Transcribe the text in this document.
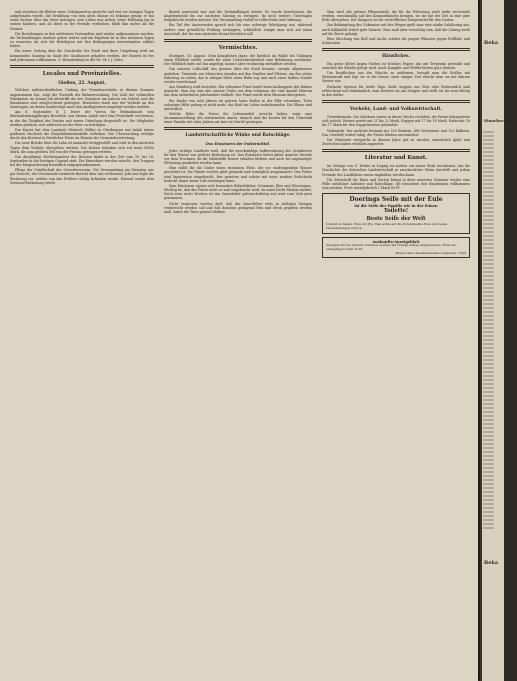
und zwischen die Blätter einer Gebirgsmotive gesteckt und erst vor wenigen Tagen aufgefunden wurde. Die Erzählung von dem alten Manne ist bekannt genug: er hat seine Sachen über das Meer getragen, sein Leben war Arbeit, seine Hoffnung lag in seinen Kindern, und als diese in der Fremde verdarben, blieb ihm nichts als die Heimat.

Die Beziehungen zu den entfernten Verwandten sind wieder aufgenommen worden; die Verhandlungen darüber gehen weiter und ein Ergebnis ist in den nächsten Tagen zu erwarten, da sich die Beteiligten mit den Bedingungen einverstanden erklärt haben.

Ein neuer Vortrag über die Geschichte der Stadt und ihrer Umgebung wird am kommenden Sonntag im Saale des Gasthauses gehalten werden; der Eintritt ist frei und jedermann willkommen. G. Brandenburg in der Nr. 34 v. J. Seite.

Locales und Provinzielles.
Gießen, 22. August.

Welchen außerordentlichen Umfang der Fremdenverkehr in diesem Sommer angenommen hat, zeigt die Statistik der Bahnverwaltung. Die Zahl der verkauften Fahrkarten im Monat Juli übertrifft die des Vorjahres um nahezu ein Drittel, und die Einnahmen sind entsprechend gestiegen. Besonders stark war der Verkehr an den Sonntagen, an denen Sonderzüge nach den Ausflugsorten eingelegt werden mußten.

Am 8. September d. J. feiert der Verein für Heimatkunde sein fünfundzwanzigjähriges Bestehen. Aus diesem Anlaß wird eine Festschrift erscheinen, in der die Tätigkeit des Vereins seit seiner Gründung dargestellt ist. Die Mitglieder werden gebeten, sich zahlreich an der Feier zu beteiligen.

Der Kaiser hat dem Landwirt Heinrich Müller zu Oberhausen aus Anlaß seiner goldenen Hochzeit die Ehejubiläumsmedaille verliehen. Die Überreichung erfolgte durch den Kreisrat in feierlicher Weise im Beisein der Gemeindevertretung.

Die neue Brücke über die Lahn ist nunmehr fertiggestellt und wird in den nächsten Tagen dem Verkehr übergeben werden. Die Kosten belaufen sich auf rund 85000 Mark, die zum größten Teil von der Provinz getragen werden.

Das diesjährige Herbstmanöver der Division findet in der Zeit vom 10. bis 18. September in der hiesigen Gegend statt. Die Einwohner werden ersucht, den Truppen bei der Einquartierung freundlich entgegenzukommen.

Pflege der Gesellschaft des Gewerbevereins. Die Versammlung am Dienstag war gut besucht; der Vorsitzende erstattete Bericht über das verflossene Jahr und legte die Rechnung vor, welche von den Prüfern richtig befunden wurde. Hierauf wurde dem Vorstand Entlastung erteilt.

Bezirk anwesend war und die Verhandlungen leitete. Es wurde beschlossen, die Angelegenheit bis zur nächsten Sitzung zu vertagen, da noch weitere Unterlagen beigebracht werden müssen. Die Versammlung verlief in voller Ruhe und Ordnung.

Ein Teil der Anwesenden sprach sich für eine sofortige Erledigung aus, während andere eine gründliche Prüfung verlangten; schließlich einigte man sich auf einen Ausschuß, der bis zum nächsten Monat berichten soll.

Vermischtes.

Stuttgart, 18. August. Dem königlichen Jäger, der kürzlich im Walde bei Tübingen einen Wilddieb stellte, wurde für seine Unerschrockenheit eine Belohnung zuerkannt. Der Wilddieb hatte auf ihn angelegt, konnte aber rechtzeitig entwaffnet werden.

Das neueste Luftschiff, das gestern über der Stadt kreuzte, erregte allgemeines Aufsehen. Tausende von Menschen standen auf den Straßen und Plätzen, um das stolze Fahrzeug zu sehen, das in ruhiger Fahrt seine Bahn zog und nach einer halben Stunde wieder verschwand.

Aus Hamburg wird berichtet: Ein seltsamer Fund wurde beim Ausbaggern des Hafens gemacht. Man zog eine alte eiserne Truhe aus dem Schlamm, die eine Anzahl Münzen aus dem siebzehnten Jahrhundert enthielt. Der Fund wurde dem Museum übergeben.

Ein Knabe von acht Jahren ist gestern beim Baden in der Elbe ertrunken. Trotz sofortiger Hilfe gelang es nicht mehr, das Kind ins Leben zurückzurufen. Die Eltern sind untröstlich.

Welche Höhe die Preise für Lebensmittel erreicht haben, zeigt eine Zusammenstellung des statistischen Amtes; danach sind die Kosten für den Unterhalt einer Familie seit zehn Jahren um fast ein Viertel gestiegen.

Landwirtschaftliche Winke und Ratschläge.
Das Einsäuern der Futtermittel.

Jeder richtige Landwirt weiß, daß die zweckmäßige Aufbewahrung des Grünfutters für den Winter von größter Bedeutung ist. Das Einsäuern bietet dabei manche Vorteile vor dem Trocknen, da die Nährstoffe besser erhalten bleiben und auch bei ungünstiger Witterung gearbeitet werden kann.

Man wählt für die Grube einen trockenen Platz, der vor eindringendem Wasser geschützt ist. Die Wände werden glatt gemacht und womöglich ausgemauert. Das Futter wird lagenweise eingebracht, fest getreten und zuletzt mit einer starken Erdschicht bedeckt, damit keine Luft eindringen kann.

Zum Einsäuern eignen sich besonders Rübenblätter, Grünmais, Klee und Wiesengras. Wichtig ist, daß das Futter nicht zu naß eingebracht wird, da sonst leicht Fäulnis eintritt. Nach etwa sechs Wochen ist das Sauerfutter gebrauchsfertig und wird vom Vieh gern genommen.

Nicht vergessen werden darf, daß das Sauerfutter stets in mäßigen Mengen verabreicht werden soll und daß daneben genügend Heu und Stroh gegeben werden muß, damit die Tiere gesund bleiben.

Man wird alle grünen Pflanzenteile, die für die Fütterung nicht mehr verwendet werden, zweckmäßig auf den Komposthaufen bringen, wo sie mit der Zeit in eine gute Erde übergehen. Der Kompost ist ein vortreffliches Düngemittel für den Garten.

Zur Bekämpfung des Unkrautes auf den Wegen gießt man eine starke Salzlösung aus; auch Kalkmilch leistet gute Dienste. Man muß aber vorsichtig sein, daß die Lösung nicht auf die Beete gelangt.

Eine Mischung von Ruß und Asche schützt die jungen Pflanzen gegen Erdflöhe und Schnecken.

Häusliches.

Ein gutes Mittel gegen Motten ist frisches Papier, das mit Terpentin getränkt und zwischen die Kleider gelegt wird. Auch Kampfer und Pfeffer leisten gute Dienste.

Um Rostflecken aus der Wäsche zu entfernen, betupft man die Stellen mit Zitronensaft und legt sie in die Sonne; nach einiger Zeit wäscht man sie mit klarem Wasser aus.

Einfache Speisen für heiße Tage: Kalte Suppen aus Obst oder Buttermilch sind erfrischend und bekömmlich; man bereitet sie am Morgen und stellt sie bis zum Mittag in den Keller.

Verkehr, Land- und Volkswirtschaft.

Getreidemarkt. Die Zufuhren waren in dieser Woche reichlich, die Preise behaupteten sich jedoch. Weizen wurde mit 21 bis 22 Mark, Roggen mit 17 bis 18 Mark, Hafer mit 16 bis 17 Mark für den Doppelzentner gehandelt.

Viehmarkt. Der Auftrieb bestand aus 320 Rindern, 480 Schweinen und 120 Kälbern. Das Geschäft verlief ruhig, die Preise blieben unverändert.

Die Obsternte verspricht in diesem Jahre gut zu werden; namentlich Äpfel und Zwetschen haben reichlich angesetzt.

Literatur und Kunst.

Im Verlage von G. Weber in Leipzig ist soeben ein neues Werk erschienen, das die Geschichte der deutschen Landwirtschaft in anschaulicher Weise darstellt und jedem Freunde des Landlebens warm empfohlen werden kann.

Die Zeitschrift für Haus und Garten bringt in ihrer neuesten Nummer wieder eine Fülle nützlicher Aufsätze und Ratschläge, die besonders den Hausfrauen willkommen sein werden. Preis vierteljährlich 1 Mark 50 Pf.

Doerings Seife mit der Eule
ist die Seife der Familie wie in der feinen
Toilette!
Beste Seife der Welt
Überall zu haben. Preis 40 Pfg. Man achte auf die Schutzmarke Eule und weise Nachahmungen zurück.
Auskunfts-Anzeigeblatt
Anzeigen für die nächste Nummer werden bis Freitag mittag angenommen. Preis der einspaltigen Zeile 20 Pf.
Wieder aller Annahmestellen vergleiche. 7429
Beka
Einschreibung
Beka
══════ ══════ ══════ ══════ ══════ ══════ ══════ ══════ ══════ ══════ ══════ ══════ ══════ ══════ ══════ ══════ ══════ ══════ ══════ ══════ ══════ ══════ ══════ ══════ ══════ ══════ ══════ ══════ ══════ ══════ ══════ ══════ ══════ ══════ ══════ ══════ ══════ ══════ ══════ ══════ ══════ ══════ ══════ ══════ ══════ ══════ ══════ ══════ ══════ ══════ ══════ ══════ ══════ ══════ ══════ ══════ ══════ ══════ ══════ ══════ ══════ ══════ ══════ ══════ ══════ ══════ ══════ ══════ ══════ ══════ ══════ ══════ ══════ ══════ ══════ ══════ ══════ ══════ ══════ ══════ ══════ ══════ ══════ ══════ ══════ ══════ ══════ ══════ ══════ ══════ ══════ ══════ ══════ ══════ ══════ ══════ ══════ ══════ ══════ ══════
